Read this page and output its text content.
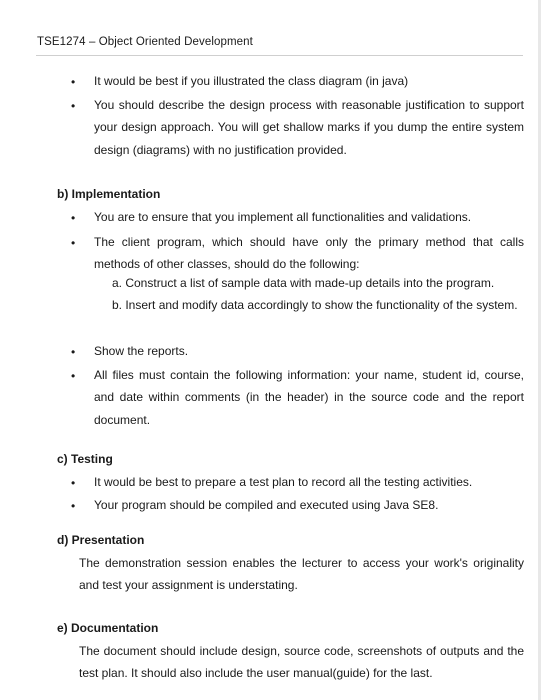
TSE1274 – Object Oriented Development
• It would be best if you illustrated the class diagram (in java)
• You should describe the design process with reasonable justification to support your design approach. You will get shallow marks if you dump the entire system design (diagrams) with no justification provided.
b) Implementation
• You are to ensure that you implement all functionalities and validations.
• The client program, which should have only the primary method that calls methods of other classes, should do the following:
a. Construct a list of sample data with made-up details into the program.
b. Insert and modify data accordingly to show the functionality of the system.
• Show the reports.
• All files must contain the following information: your name, student id, course, and date within comments (in the header) in the source code and the report document.
c) Testing
• It would be best to prepare a test plan to record all the testing activities.
• Your program should be compiled and executed using Java SE8.
d) Presentation
The demonstration session enables the lecturer to access your work's originality and test your assignment is understating.
e) Documentation
The document should include design, source code, screenshots of outputs and the test plan. It should also include the user manual(guide) for the last.
